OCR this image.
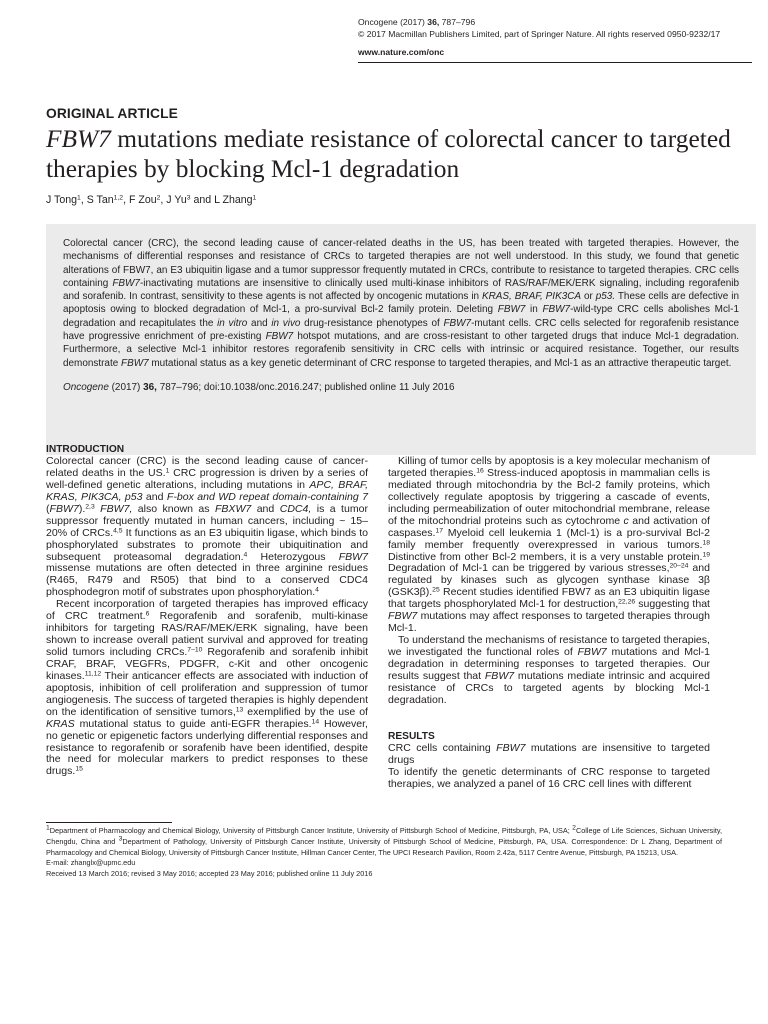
Oncogene (2017) 36, 787–796
© 2017 Macmillan Publishers Limited, part of Springer Nature. All rights reserved 0950-9232/17
www.nature.com/onc
ORIGINAL ARTICLE
FBW7 mutations mediate resistance of colorectal cancer to targeted therapies by blocking Mcl-1 degradation
J Tong$^1$, S Tan$^{1,2}$, F Zou$^2$, J Yu$^3$ and L Zhang$^1$

Colorectal cancer (CRC), the second leading cause of cancer-related deaths in the US, has been treated with targeted therapies. However, the mechanisms of differential responses and resistance of CRCs to targeted therapies are not well understood. In this study, we found that genetic alterations of FBW7, an E3 ubiquitin ligase and a tumor suppressor frequently mutated in CRCs, contribute to resistance to targeted therapies. CRC cells containing FBW7-inactivating mutations are insensitive to clinically used multi-kinase inhibitors of RAS/RAF/MEK/ERK signaling, including regorafenib and sorafenib. In contrast, sensitivity to these agents is not affected by oncogenic mutations in KRAS, BRAF, PIK3CA or p53. These cells are defective in apoptosis owing to blocked degradation of Mcl-1, a pro-survival Bcl-2 family protein. Deleting FBW7 in FBW7-wild-type CRC cells abolishes Mcl-1 degradation and recapitulates the in vitro and in vivo drug-resistance phenotypes of FBW7-mutant cells. CRC cells selected for regorafenib resistance have progressive enrichment of pre-existing FBW7 hotspot mutations, and are cross-resistant to other targeted drugs that induce Mcl-1 degradation. Furthermore, a selective Mcl-1 inhibitor restores regorafenib sensitivity in CRC cells with intrinsic or acquired resistance. Together, our results demonstrate FBW7 mutational status as a key genetic determinant of CRC response to targeted therapies, and Mcl-1 as an attractive therapeutic target.

Oncogene (2017) 36, 787–796; doi:10.1038/onc.2016.247; published online 11 July 2016

INTRODUCTION

Colorectal cancer (CRC) is the second leading cause of cancer-related deaths in the US.$^1$ CRC progression is driven by a series of well-defined genetic alterations, including mutations in APC, BRAF, KRAS, PIK3CA, p53 and F-box and WD repeat domain-containing 7 (FBW7).$^{2,3}$ FBW7, also known as FBXW7 and CDC4, is a tumor suppressor frequently mutated in human cancers, including ~ 15–20% of CRCs.$^{4,5}$ It functions as an E3 ubiquitin ligase, which binds to phosphorylated substrates to promote their ubiquitination and subsequent proteasomal degradation.$^4$ Heterozygous FBW7 missense mutations are often detected in three arginine residues (R465, R479 and R505) that bind to a conserved CDC4 phosphodegron motif of substrates upon phosphorylation.$^4$

Recent incorporation of targeted therapies has improved efficacy of CRC treatment.$^6$ Regorafenib and sorafenib, multi-kinase inhibitors for targeting RAS/RAF/MEK/ERK signaling, have been shown to increase overall patient survival and approved for treating solid tumors including CRCs.$^{7-10}$ Regorafenib and sorafenib inhibit CRAF, BRAF, VEGFRs, PDGFR, c-Kit and other oncogenic kinases.$^{11,12}$ Their anticancer effects are associated with induction of apoptosis, inhibition of cell proliferation and suppression of tumor angiogenesis. The success of targeted therapies is highly dependent on the identification of sensitive tumors,$^{13}$ exemplified by the use of KRAS mutational status to guide anti-EGFR therapies.$^{14}$ However, no genetic or epigenetic factors underlying differential responses and resistance to regorafenib or sorafenib have been identified, despite the need for molecular markers to predict responses to these drugs.$^{15}$

Killing of tumor cells by apoptosis is a key molecular mechanism of targeted therapies.$^{16}$ Stress-induced apoptosis in mammalian cells is mediated through mitochondria by the Bcl-2 family proteins, which collectively regulate apoptosis by triggering a cascade of events, including permeabilization of outer mitochondrial membrane, release of the mitochondrial proteins such as cytochrome c and activation of caspases.$^{17}$ Myeloid cell leukemia 1 (Mcl-1) is a pro-survival Bcl-2 family member frequently overexpressed in various tumors.$^{18}$ Distinctive from other Bcl-2 members, it is a very unstable protein.$^{19}$ Degradation of Mcl-1 can be triggered by various stresses,$^{20-24}$ and regulated by kinases such as glycogen synthase kinase 3β (GSK3β).$^{25}$ Recent studies identified FBW7 as an E3 ubiquitin ligase that targets phosphorylated Mcl-1 for destruction,$^{22,26}$ suggesting that FBW7 mutations may affect responses to targeted therapies through Mcl-1.

To understand the mechanisms of resistance to targeted therapies, we investigated the functional roles of FBW7 mutations and Mcl-1 degradation in determining responses to targeted therapies. Our results suggest that FBW7 mutations mediate intrinsic and acquired resistance of CRCs to targeted agents by blocking Mcl-1 degradation.

RESULTS

CRC cells containing FBW7 mutations are insensitive to targeted drugs

To identify the genetic determinants of CRC response to targeted therapies, we analyzed a panel of 16 CRC cell lines with different

$^1$Department of Pharmacology and Chemical Biology, University of Pittsburgh Cancer Institute, University of Pittsburgh School of Medicine, Pittsburgh, PA, USA; $^2$College of Life Sciences, Sichuan University, Chengdu, China and $^3$Department of Pathology, University of Pittsburgh Cancer Institute, University of Pittsburgh School of Medicine, Pittsburgh, PA, USA. Correspondence: Dr L Zhang, Department of Pharmacology and Chemical Biology, University of Pittsburgh Cancer Institute, Hillman Cancer Center, The UPCI Research Pavilion, Room 2.42a, 5117 Centre Avenue, Pittsburgh, PA 15213, USA.

E-mail: zhanglx@upmc.edu

Received 13 March 2016; revised 3 May 2016; accepted 23 May 2016; published online 11 July 2016
